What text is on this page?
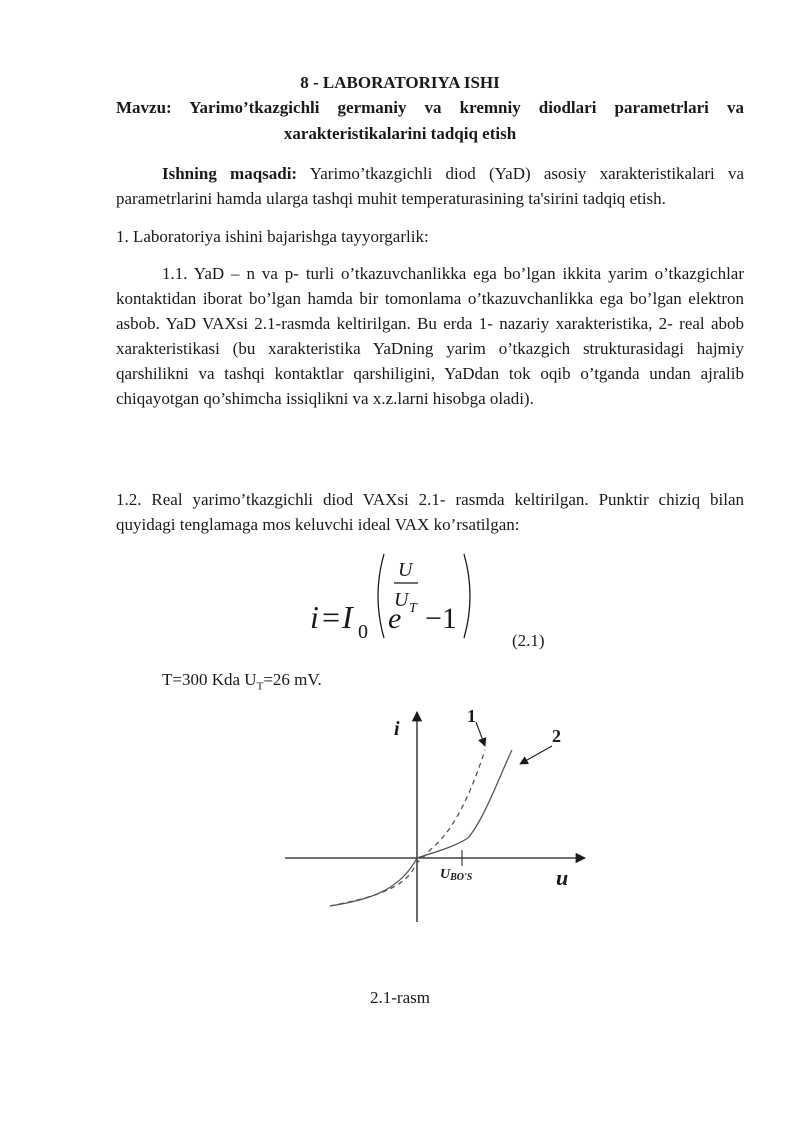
8 - LABORATORIYA ISHI
Mavzu: Yarimo’tkazgichli germaniy va kremniy diodlari parametrlari va
xarakteristikalarini tadqiq etish
Ishning maqsadi: Yarimo’tkazgichli diod (YaD) asosiy xarakteristikalari va parametrlarini hamda ularga tashqi muhit temperaturasining ta'sirini tadqiq etish.
1. Laboratoriya ishini bajarishga tayyorgarlik:
1.1. YaD – n va p- turli o’tkazuvchanlikka ega bo’lgan ikkita yarim o’tkazgichlar kontaktidan iborat bo’lgan hamda bir tomonlama o’tkazuvchanlikka ega bo’lgan elektron asbob. YaD VAXsi 2.1-rasmda keltirilgan. Bu erda 1- nazariy xarakteristika, 2- real abob xarakteristikasi (bu xarakteristika YaDning yarim o’tkazgich strukturasidagi hajmiy qarshilikni va tashqi kontaktlar qarshiligini, YaDdan tok oqib o’tganda undan ajralib chiqayotgan qo’shimcha issiqlikni va x.z.larni hisobga oladi).
1.2. Real yarimo’tkazgichli diod VAXsi 2.1- rasmda keltirilgan. Punktir chiziq bilan quyidagi tenglamaga mos keluvchi ideal VAX ko’rsatilgan:
i = I 0 e
U
U T −1
(2.1)
T=300 Kda $U_T=26$ mV.
i
u
1
2
UBO'S
2.1-rasm
